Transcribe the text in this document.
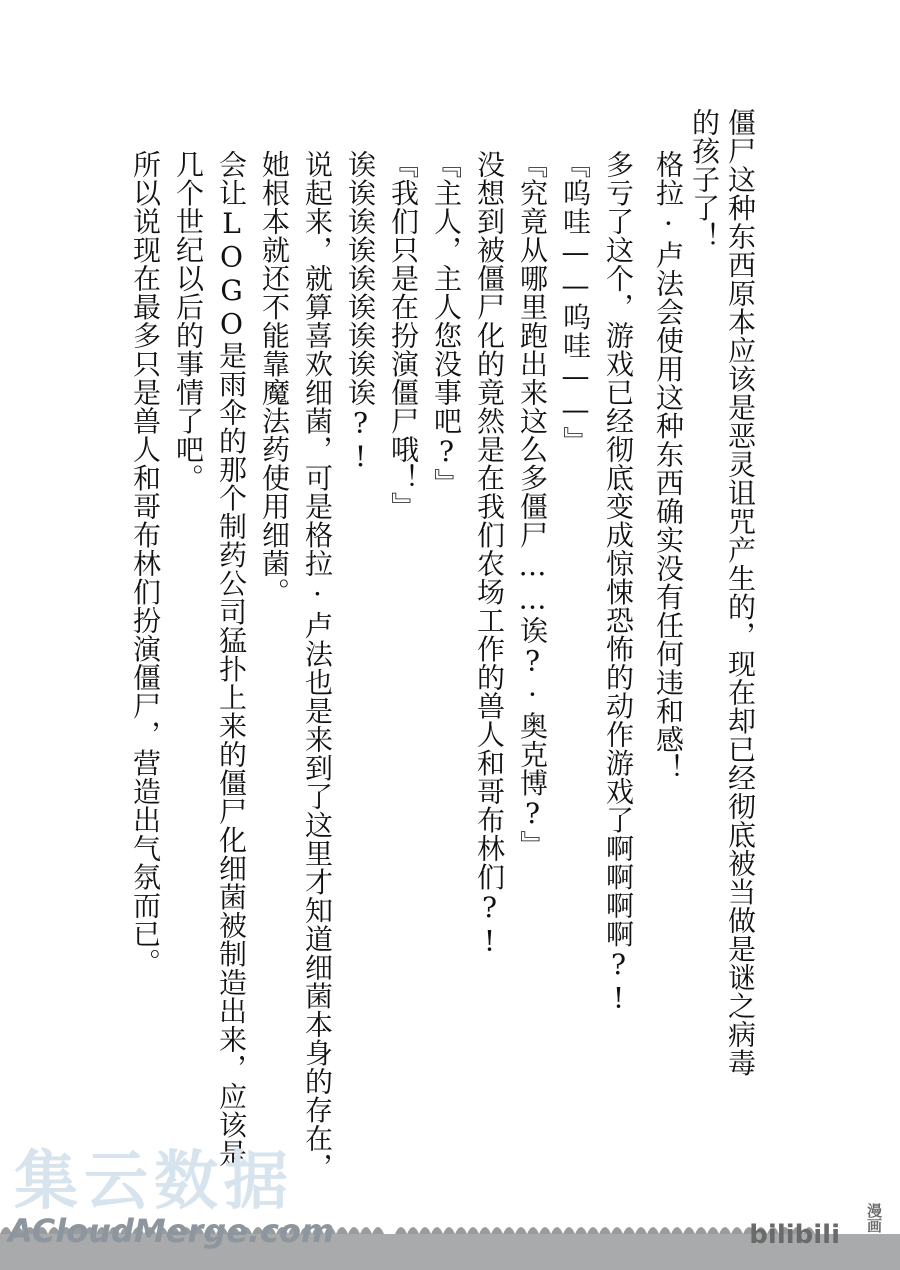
僵尸这种东西原本应该是恶灵诅咒产生的，现在却已经彻底被当做是谜之病毒
的孩子了！
格拉·卢法会使用这种东西确实没有任何违和感！
多亏了这个，游戏已经彻底变成惊悚恐怖的动作游戏了啊啊啊啊?!
『呜哇——呜哇——』
『究竟从哪里跑出来这么多僵尸……诶?·奥克博?』
没想到被僵尸化的竟然是在我们农场工作的兽人和哥布林们?!
『主人，主人您没事吧?』
『我们只是在扮演僵尸哦！』
诶诶诶诶诶诶诶诶诶?!
说起来，就算喜欢细菌，可是格拉·卢法也是来到了这里才知道细菌本身的存在，
她根本就还不能靠魔法药使用细菌。
会让LOGO是雨伞的那个制药公司猛扑上来的僵尸化细菌被制造出来，应该是
几个世纪以后的事情了吧。
所以说现在最多只是兽人和哥布林们扮演僵尸，营造出气氛而已。
集云数据
ACloudMerge.com	bilibili
漫画
